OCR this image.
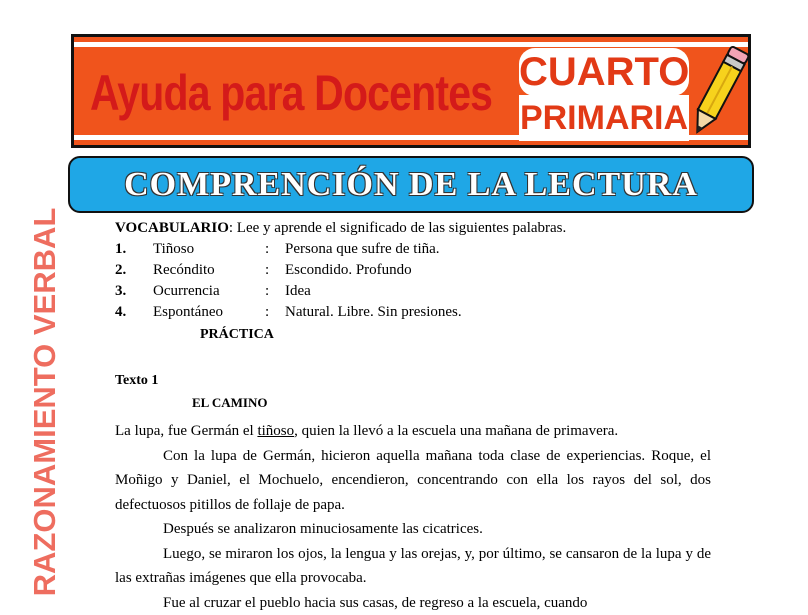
Ayuda para Docentes CUARTO
PRIMARIA
COMPRENCIÓN DE LA LECTURA
RAZONAMIENTO VERBAL	VOCABULARIO: Lee y aprende el significado de las siguientes palabras.
1. Tiñoso	: Persona que sufre de tiña.
2. Recóndito	: Escondido. Profundo
3. Ocurrencia	: Idea
4. Espontáneo	: Natural. Libre. Sin presiones.
PRÁCTICA
Texto 1
EL CAMINO

La lupa, fue Germán el tiñoso, quien la llevó a la escuela una mañana de primavera.

Con la lupa de Germán, hicieron aquella mañana toda clase de experiencias. Roque, el Moñigo y Daniel, el Mochuelo, encendieron, concentrando con ella los rayos del sol, dos defectuosos pitillos de follaje de papa.

Después se analizaron minuciosamente las cicatrices.

Luego, se miraron los ojos, la lengua y las orejas, y, por último, se cansaron de la lupa y de las extrañas imágenes que ella provocaba.

Fue al cruzar el pueblo hacia sus casas, de regreso a la escuela, cuando
